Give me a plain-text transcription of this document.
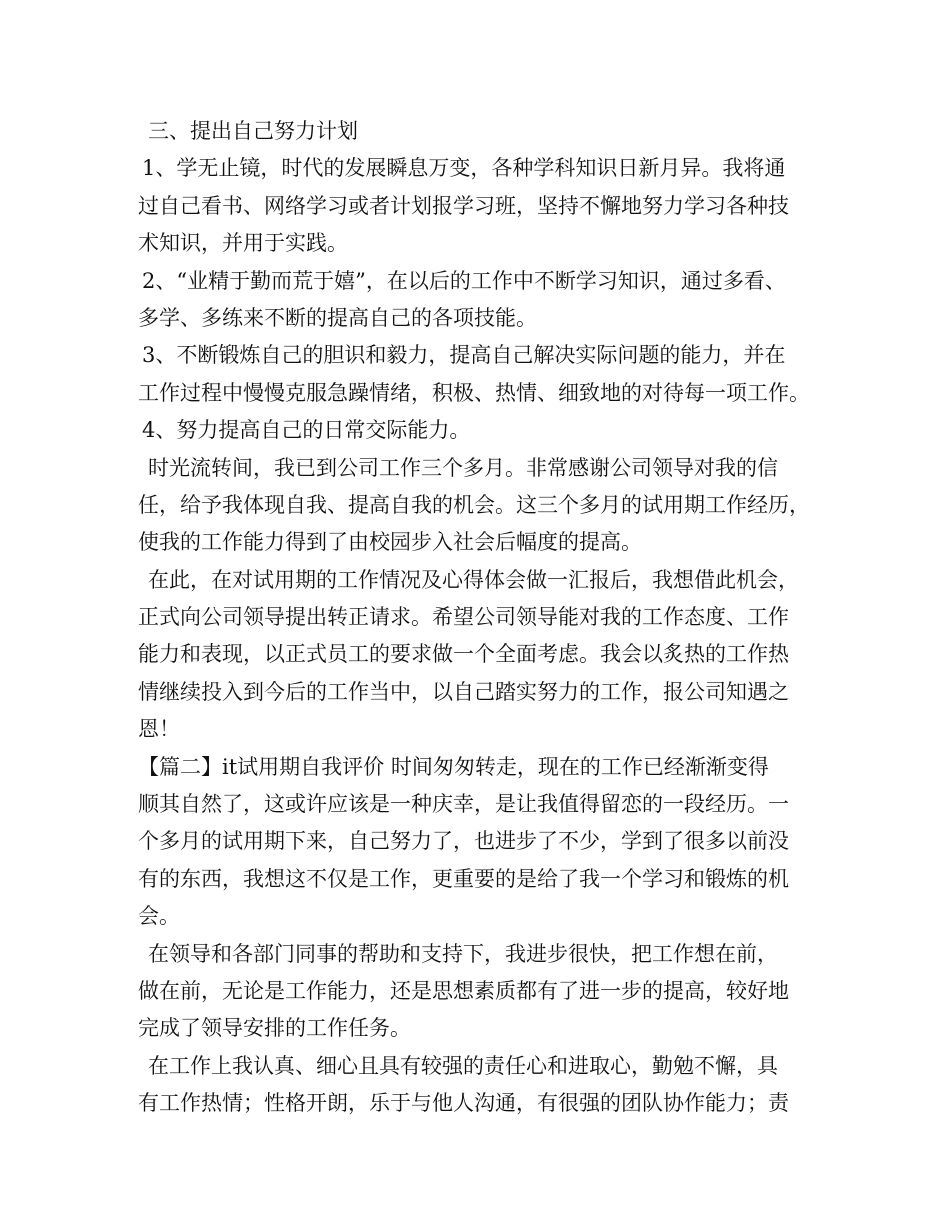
三、提出自己努力计划
1、学无止镜，时代的发展瞬息万变，各种学科知识日新月异。我将通
过自己看书、网络学习或者计划报学习班，坚持不懈地努力学习各种技
术知识，并用于实践。
2、“业精于勤而荒于嬉”，在以后的工作中不断学习知识，通过多看、
多学、多练来不断的提高自己的各项技能。
3、不断锻炼自己的胆识和毅力，提高自己解决实际问题的能力，并在
工作过程中慢慢克服急躁情绪，积极、热情、细致地的对待每一项工作。
4、努力提高自己的日常交际能力。
时光流转间，我已到公司工作三个多月。非常感谢公司领导对我的信
任，给予我体现自我、提高自我的机会。这三个多月的试用期工作经历，
使我的工作能力得到了由校园步入社会后幅度的提高。
在此，在对试用期的工作情况及心得体会做一汇报后，我想借此机会，
正式向公司领导提出转正请求。希望公司领导能对我的工作态度、工作
能力和表现，以正式员工的要求做一个全面考虑。我会以炙热的工作热
情继续投入到今后的工作当中，以自己踏实努力的工作，报公司知遇之
恩！
【篇二】it试用期自我评价 时间匆匆转走，现在的工作已经渐渐变得
顺其自然了，这或许应该是一种庆幸，是让我值得留恋的一段经历。一
个多月的试用期下来，自己努力了，也进步了不少，学到了很多以前没
有的东西，我想这不仅是工作，更重要的是给了我一个学习和锻炼的机
会。
在领导和各部门同事的帮助和支持下，我进步很快，把工作想在前，
做在前，无论是工作能力，还是思想素质都有了进一步的提高，较好地
完成了领导安排的工作任务。
在工作上我认真、细心且具有较强的责任心和进取心，勤勉不懈，具
有工作热情；性格开朗，乐于与他人沟通，有很强的团队协作能力；责
